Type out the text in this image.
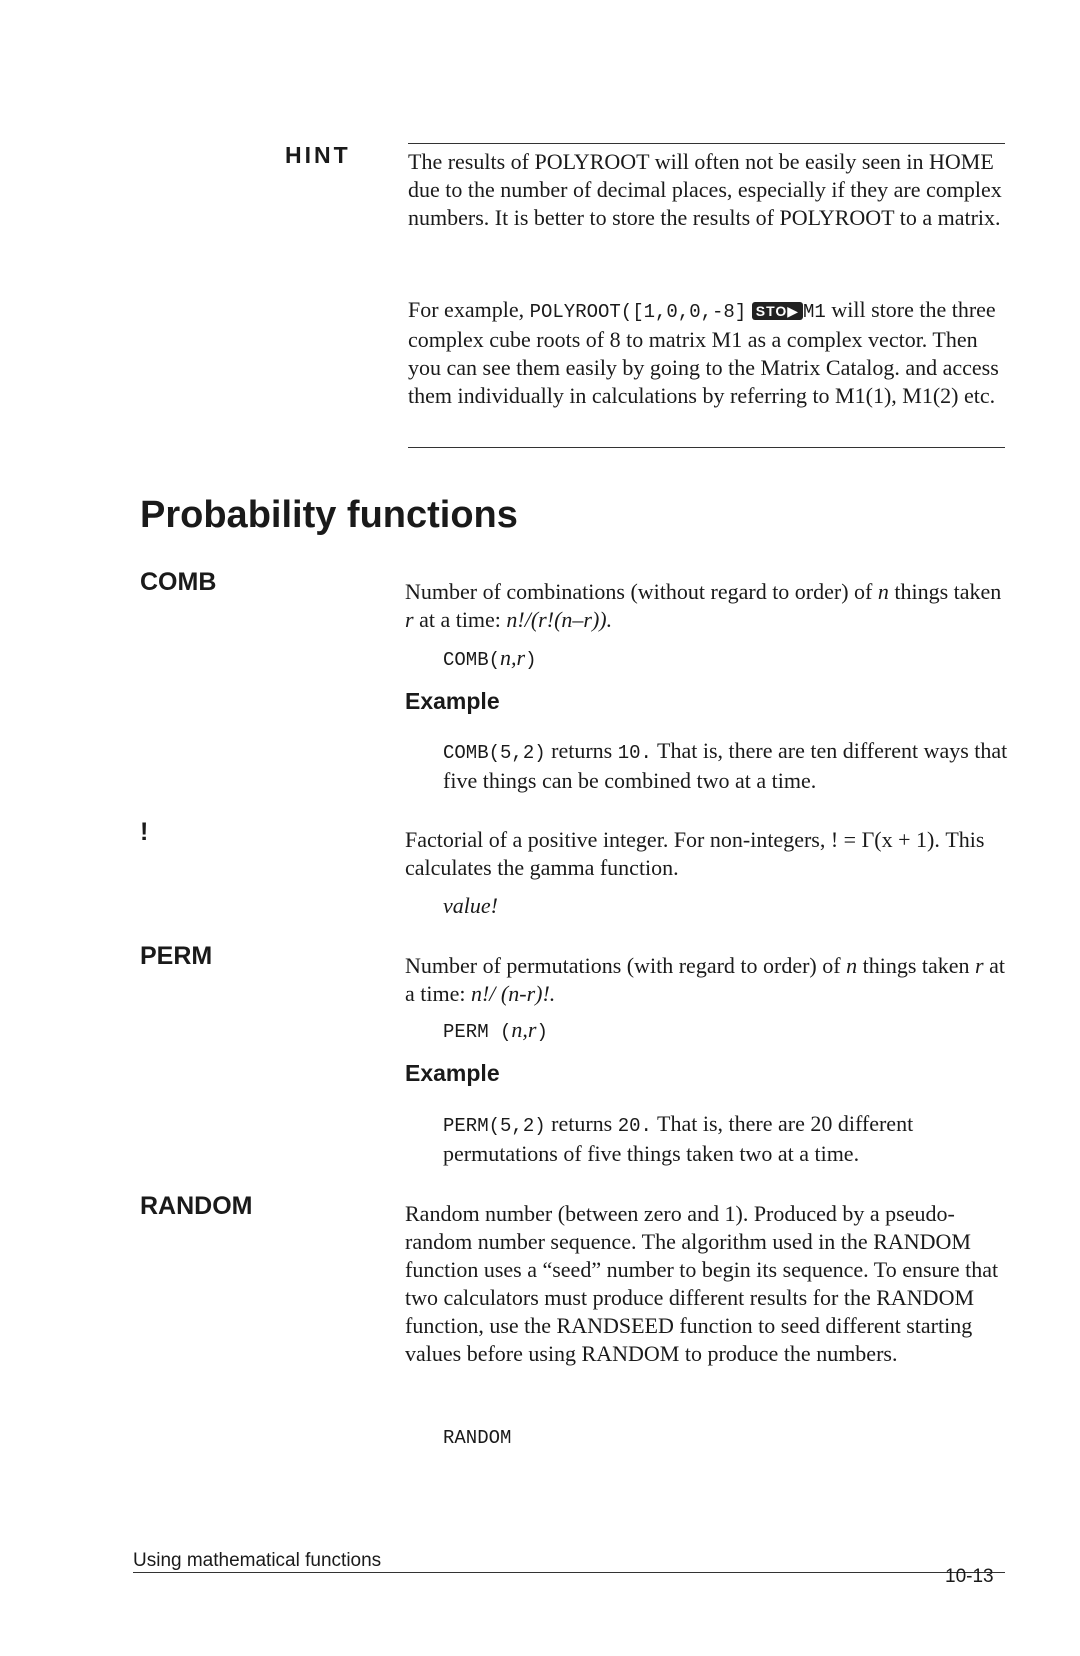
HINT	The results of POLYROOT will often not be easily seen in HOME due to the number of decimal places, especially if they are complex numbers. It is better to store the results of POLYROOT to a matrix.
For example, POLYROOT([1,0,0,-8] STO▶ M1 will store the three complex cube roots of 8 to matrix M1 as a complex vector. Then you can see them easily by going to the Matrix Catalog. and access them individually in calculations by referring to M1(1), M1(2) etc.
Probability functions
COMB	Number of combinations (without regard to order) of n things taken r at a time: n!/(r!(n–r)).
COMB(n,r)
Example
COMB(5,2) returns 10. That is, there are ten different ways that five things can be combined two at a time.
!	Factorial of a positive integer. For non-integers, ! = Γ(x + 1). This calculates the gamma function.
value!
PERM	Number of permutations (with regard to order) of n things taken r at a time: n!/ (n-r)!.
PERM (n,r)
Example
PERM(5,2) returns 20. That is, there are 20 different permutations of five things taken two at a time.
RANDOM	Random number (between zero and 1). Produced by a pseudo-random number sequence. The algorithm used in the RANDOM function uses a “seed” number to begin its sequence. To ensure that two calculators must produce different results for the RANDOM function, use the RANDSEED function to seed different starting values before using RANDOM to produce the numbers.
RANDOM
Using mathematical functions
10-13
